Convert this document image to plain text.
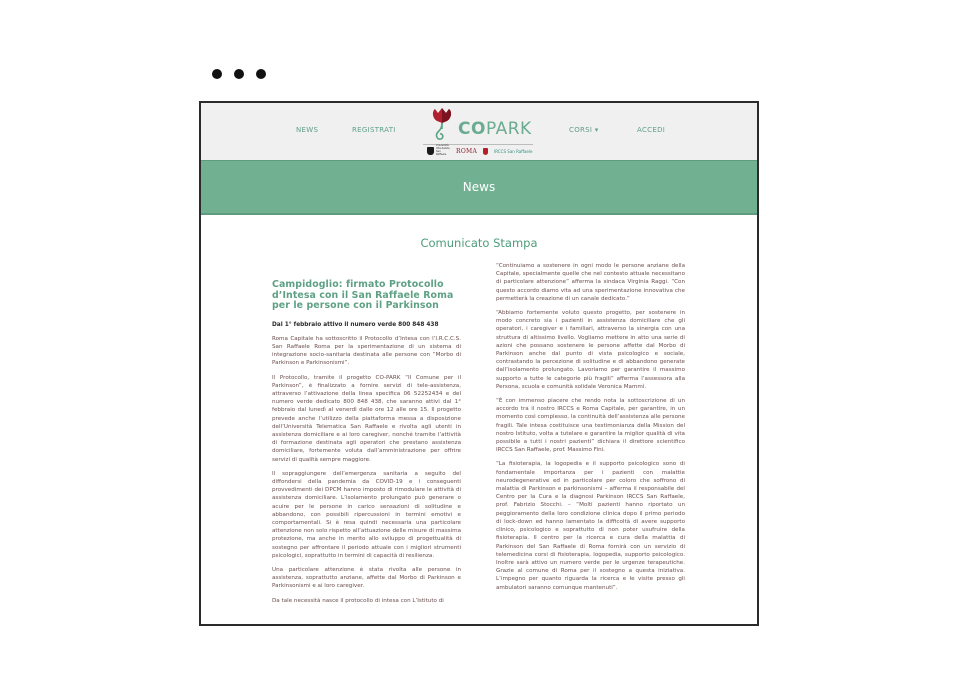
NEWS	REGISTRATI	COPARK
Università Vita-Salute San Raffaele	ROMA	IRCCS San Raffaele
CORSI ▾	ACCEDI
News
Comunicato Stampa
Campidoglio: firmato Protocollo d’Intesa con il San Raffaele Roma per le persone con il Parkinson
Dal 1° febbraio attivo il numero verde 800 848 438

Roma Capitale ha sottoscritto il Protocollo d’Intesa con l’I.R.C.C.S. San Raffaele Roma per la sperimentazione di un sistema di integrazione socio-sanitaria destinata alle persone con “Morbo di Parkinson e Parkinsonismi”.

Il Protocollo, tramite il progetto CO-PARK “Il Comune per il Parkinson”, è finalizzato a fornire servizi di tele-assistenza, attraverso l’attivazione della linea specifica 06 52252434 e del numero verde dedicato 800 848 438, che saranno attivi dal 1° febbraio dal lunedì al venerdì dalle ore 12 alle ore 15. Il progetto prevede anche l’utilizzo della piattaforma messa a disposizione dell’Università Telematica San Raffaele e rivolta agli utenti in assistenza domiciliare e ai loro caregiver, nonché tramite l’attività di formazione destinata agli operatori che prestano assistenza domiciliare, fortemente voluta dall’amministrazione per offrire servizi di qualità sempre maggiore.

Il sopraggiungere dell’emergenza sanitaria a seguito del diffondersi della pandemia da COVID-19 e i conseguenti provvedimenti dei DPCM hanno imposto di rimodulare le attività di assistenza domiciliare. L’isolamento prolungato può generare o acuire per le persone in carico sensazioni di solitudine e abbandono, con possibili ripercussioni in termini emotivi e comportamentali. Si è resa quindi necessaria una particolare attenzione non solo rispetto all’attuazione delle misure di massima protezione, ma anche in merito allo sviluppo di progettualità di sostegno per affrontare il periodo attuale con i migliori strumenti psicologici, soprattutto in termini di capacità di resilienza.

Una particolare attenzione è stata rivolta alle persone in assistenza, soprattutto anziane, affette dal Morbo di Parkinson e Parkinsonismi e ai loro caregiver.

Da tale necessità nasce il protocollo di intesa con L’Istituto di

“Continuiamo a sostenere in ogni modo le persone anziane della Capitale, specialmente quelle che nel contesto attuale necessitano di particolare attenzione” afferma la sindaca Virginia Raggi. “Con questo accordo diamo vita ad una sperimentazione innovativa che permetterà la creazione di un canale dedicato.”

“Abbiamo fortemente voluto questo progetto, per sostenere in modo concreto sia i pazienti in assistenza domiciliare che gli operatori, i caregiver e i familiari, attraverso la sinergia con una struttura di altissimo livello. Vogliamo mettere in atto una serie di azioni che possano sostenere le persone affette dal Morbo di Parkinson anche dal punto di vista psicologico e sociale, contrastando la percezione di solitudine e di abbandono generate dall’isolamento prolungato. Lavoriamo per garantire il massimo supporto a tutte le categorie più fragili” afferma l’assessora alla Persona, scuola e comunità solidale Veronica Mammì.

“È con immenso piacere che rendo nota la sottoscrizione di un accordo tra il nostro IRCCS e Roma Capitale, per garantire, in un momento così complesso, la continuità dell’assistenza alle persone fragili. Tale intesa costituisce una testimonianza della Mission del nostro Istituto, volta a tutelare e garantire la miglior qualità di vita possibile a tutti i nostri pazienti” dichiara il direttore scientifico IRCCS San Raffaele, prof. Massimo Fini.

“La fisioterapia, la logopedia e il supporto psicologico sono di fondamentale importanza per i pazienti con malattie neurodegenerative ed in particolare per coloro che soffrono di malattia di Parkinson e parkinsonismi – afferma il responsabile del Centro per la Cura e la diagnosi Parkinson IRCCS San Raffaele, prof. Fabrizio Stocchi. – “Molti pazienti hanno riportato un peggioramento della loro condizione clinica dopo il primo periodo di lock-down ed hanno lamentato la difficoltà di avere supporto clinico, psicologico e soprattutto di non poter usufruire della fisioterapia. Il centro per la ricerca e cura della malattia di Parkinson del San Raffaele di Roma fornirà con un servizio di telemedicina corsi di fisioterapia, logopedia, supporto psicologico. Inoltre sarà attivo un numero verde per le urgenze terapeutiche. Grazie al comune di Roma per il sostegno a questa iniziativa. L’impegno per quanto riguarda la ricerca e le visite presso gli ambulatori saranno comunque mantenuti”.
